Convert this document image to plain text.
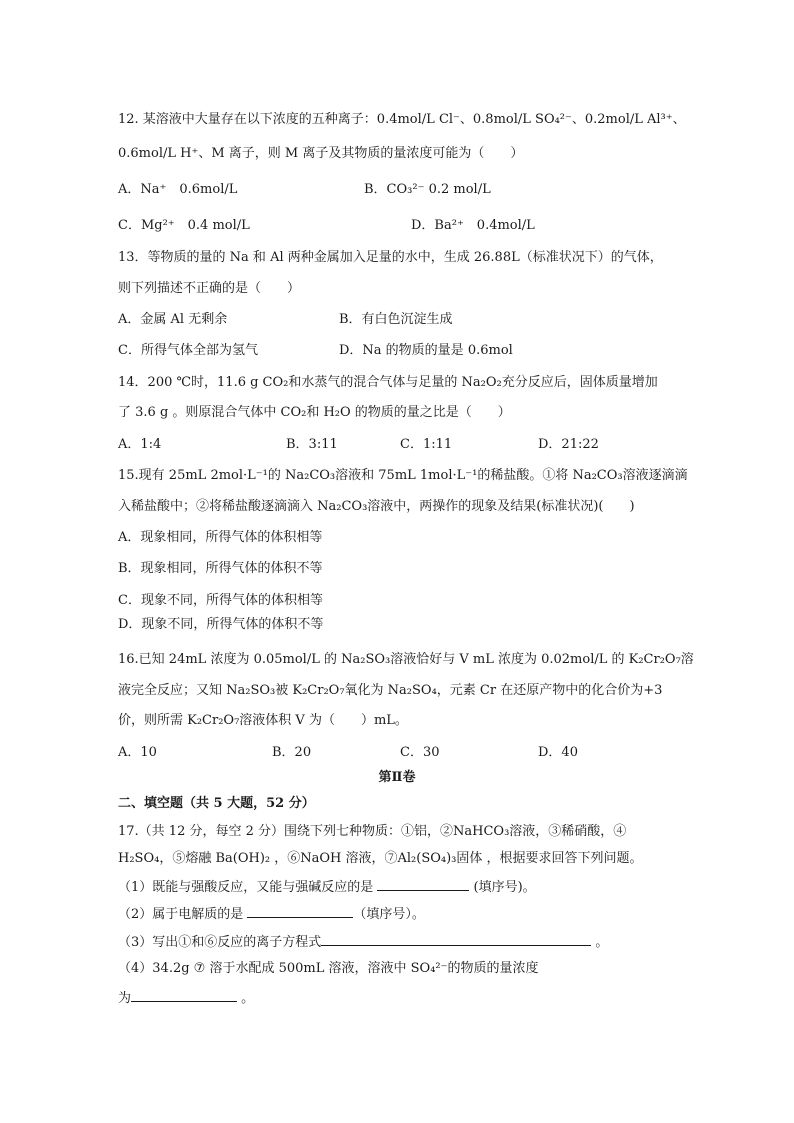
12. 某溶液中大量存在以下浓度的五种离子：0.4mol/L Cl⁻、0.8mol/L SO₄²⁻、0.2mol/L Al³⁺、
0.6mol/L H⁺、M 离子，则 M 离子及其物质的量浓度可能为（　　）
A．Na⁺　0.6mol/L	B．CO₃²⁻ 0.2 mol/L
C．Mg²⁺　0.4 mol/L	D．Ba²⁺　0.4mol/L
13．等物质的量的 Na 和 Al 两种金属加入足量的水中，生成 26.88L（标准状况下）的气体，
则下列描述不正确的是（　　）
A．金属 Al 无剩余	B．有白色沉淀生成
C．所得气体全部为氢气	D．Na 的物质的量是 0.6mol
14．200 ℃时，11.6 g CO₂和水蒸气的混合气体与足量的 Na₂O₂充分反应后，固体质量增加
了 3.6 g 。则原混合气体中 CO₂和 H₂O 的物质的量之比是（　　）
A．1:4	B．3:11	C．1:11	D．21:22
15.现有 25mL 2mol·L⁻¹的 Na₂CO₃溶液和 75mL 1mol·L⁻¹的稀盐酸。①将 Na₂CO₃溶液逐滴滴
入稀盐酸中；②将稀盐酸逐滴滴入 Na₂CO₃溶液中，两操作的现象及结果(标准状况)(　　)
A．现象相同，所得气体的体积相等
B．现象相同，所得气体的体积不等
C．现象不同，所得气体的体积相等
D．现象不同，所得气体的体积不等
16.已知 24mL 浓度为 0.05mol/L 的 Na₂SO₃溶液恰好与 V mL 浓度为 0.02mol/L 的 K₂Cr₂O₇溶
液完全反应；又知 Na₂SO₃被 K₂Cr₂O₇氧化为 Na₂SO₄，元素 Cr 在还原产物中的化合价为+3
价，则所需 K₂Cr₂O₇溶液体积 V 为（　　）mL。
A．10	B．20	C．30	D．40
第Ⅱ卷
二、填空题（共 5 大题，52 分）
17.（共 12 分，每空 2 分）围绕下列七种物质：①铝，②NaHCO₃溶液，③稀硝酸，④
H₂SO₄，⑤熔融 Ba(OH)₂ ，⑥NaOH 溶液，⑦Al₂(SO₄)₃固体 ，根据要求回答下列问题。
（1）既能与强酸反应，又能与强碱反应的是	(填序号)。
（2）属于电解质的是	（填序号）。
（3）写出①和⑥反应的离子方程式	。
（4）34.2g ⑦ 溶于水配成 500mL 溶液，溶液中 SO₄²⁻的物质的量浓度
为	。
